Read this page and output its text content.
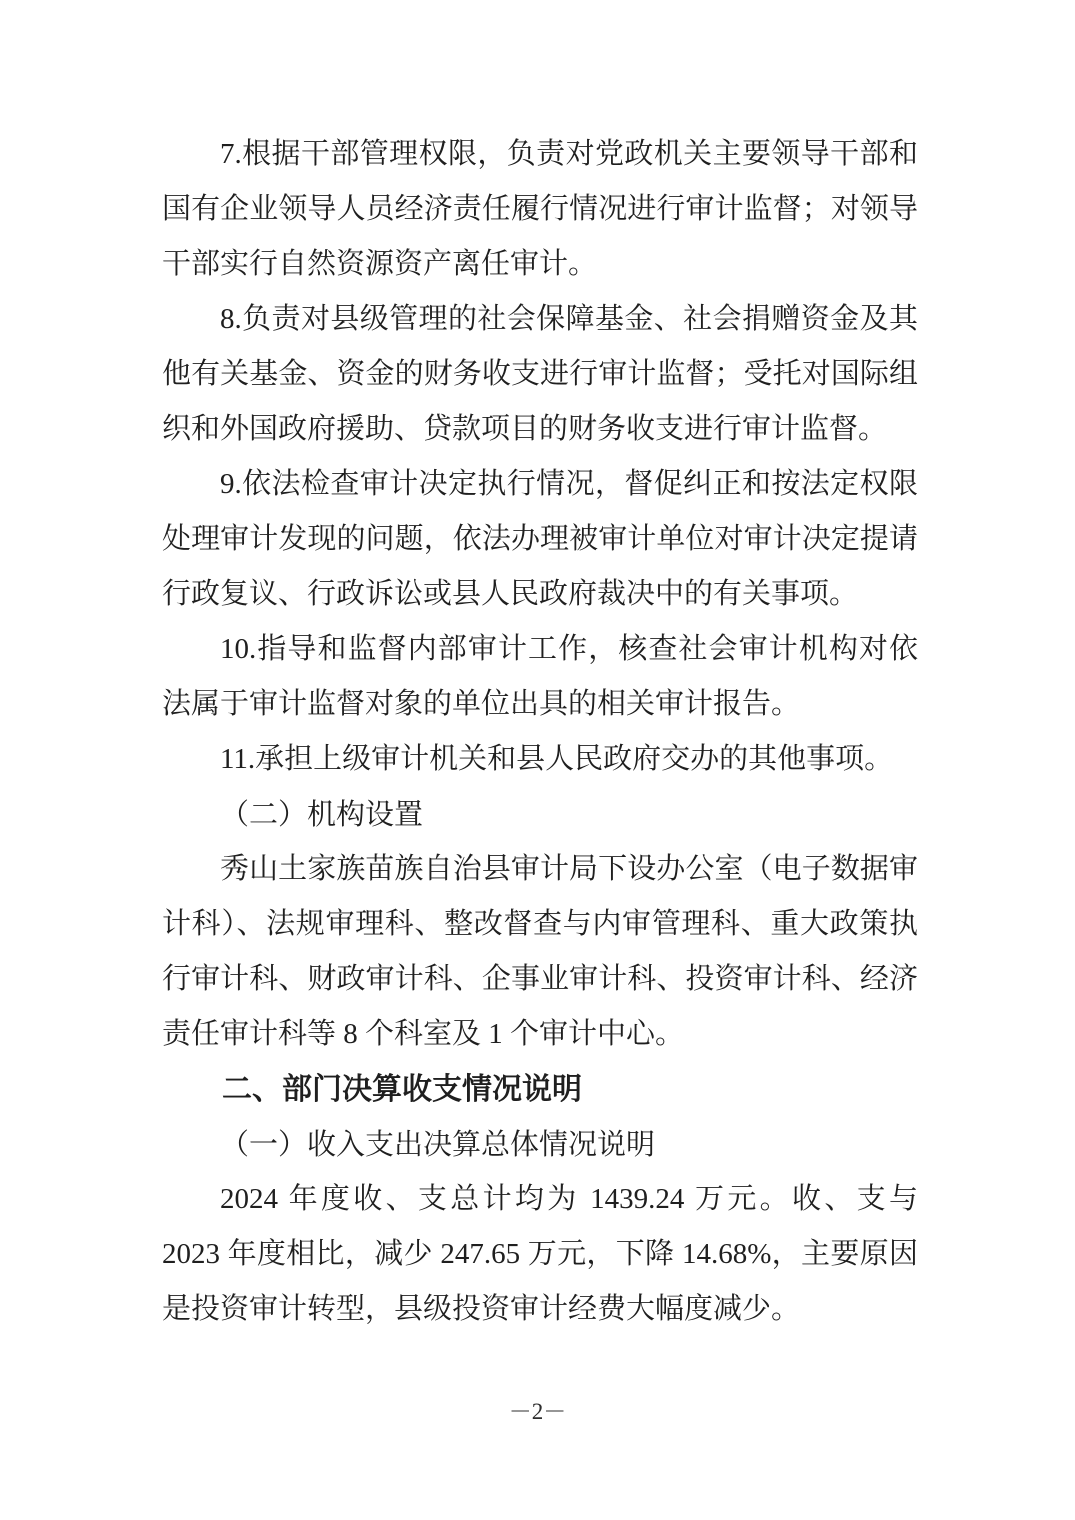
7.根据干部管理权限，负责对党政机关主要领导干部和国有企业领导人员经济责任履行情况进行审计监督；对领导干部实行自然资源资产离任审计。

8.负责对县级管理的社会保障基金、社会捐赠资金及其他有关基金、资金的财务收支进行审计监督；受托对国际组织和外国政府援助、贷款项目的财务收支进行审计监督。

9.依法检查审计决定执行情况，督促纠正和按法定权限处理审计发现的问题，依法办理被审计单位对审计决定提请行政复议、行政诉讼或县人民政府裁决中的有关事项。

10.指导和监督内部审计工作，核查社会审计机构对依法属于审计监督对象的单位出具的相关审计报告。

11.承担上级审计机关和县人民政府交办的其他事项。

（二）机构设置

秀山土家族苗族自治县审计局下设办公室（电子数据审计科）、法规审理科、整改督查与内审管理科、重大政策执行审计科、财政审计科、企事业审计科、投资审计科、经济责任审计科等 8 个科室及 1 个审计中心。

二、部门决算收支情况说明

（一）收入支出决算总体情况说明

2024 年度收、支总计均为 1439.24 万元。收、支与 2023 年度相比，减少 247.65 万元，下降 14.68%，主要原因是投资审计转型，县级投资审计经费大幅度减少。

－2－
